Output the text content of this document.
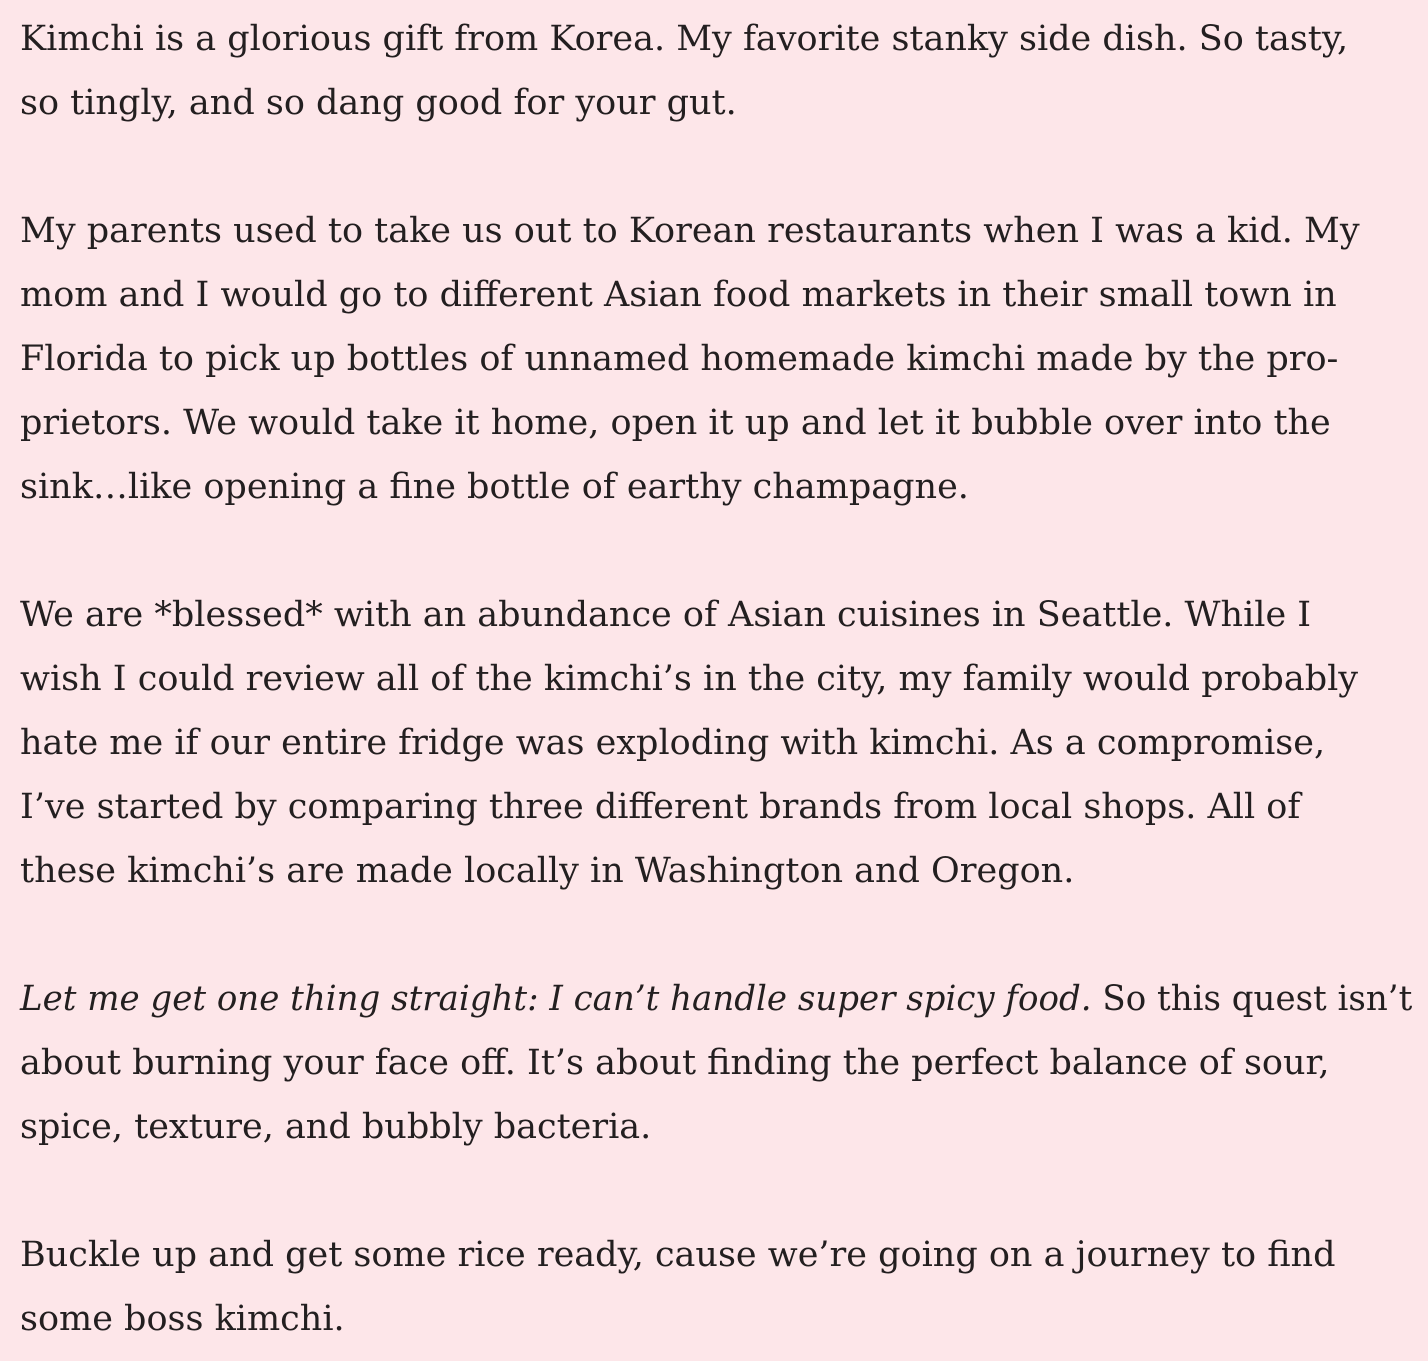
Kimchi is a glorious gift from Korea. My favorite stanky side dish. So tasty,
so tingly, and so dang good for your gut.

My parents used to take us out to Korean restaurants when I was a kid. My
mom and I would go to different Asian food markets in their small town in
Florida to pick up bottles of unnamed homemade kimchi made by the pro-
prietors. We would take it home, open it up and let it bubble over into the
sink…like opening a fine bottle of earthy champagne.

We are *blessed* with an abundance of Asian cuisines in Seattle. While I
wish I could review all of the kimchi’s in the city, my family would probably
hate me if our entire fridge was exploding with kimchi. As a compromise,
I’ve started by comparing three different brands from local shops. All of
these kimchi’s are made locally in Washington and Oregon.

Let me get one thing straight: I can’t handle super spicy food. So this quest isn’t
about burning your face off. It’s about finding the perfect balance of sour,
spice, texture, and bubbly bacteria.

Buckle up and get some rice ready, cause we’re going on a journey to find
some boss kimchi.
